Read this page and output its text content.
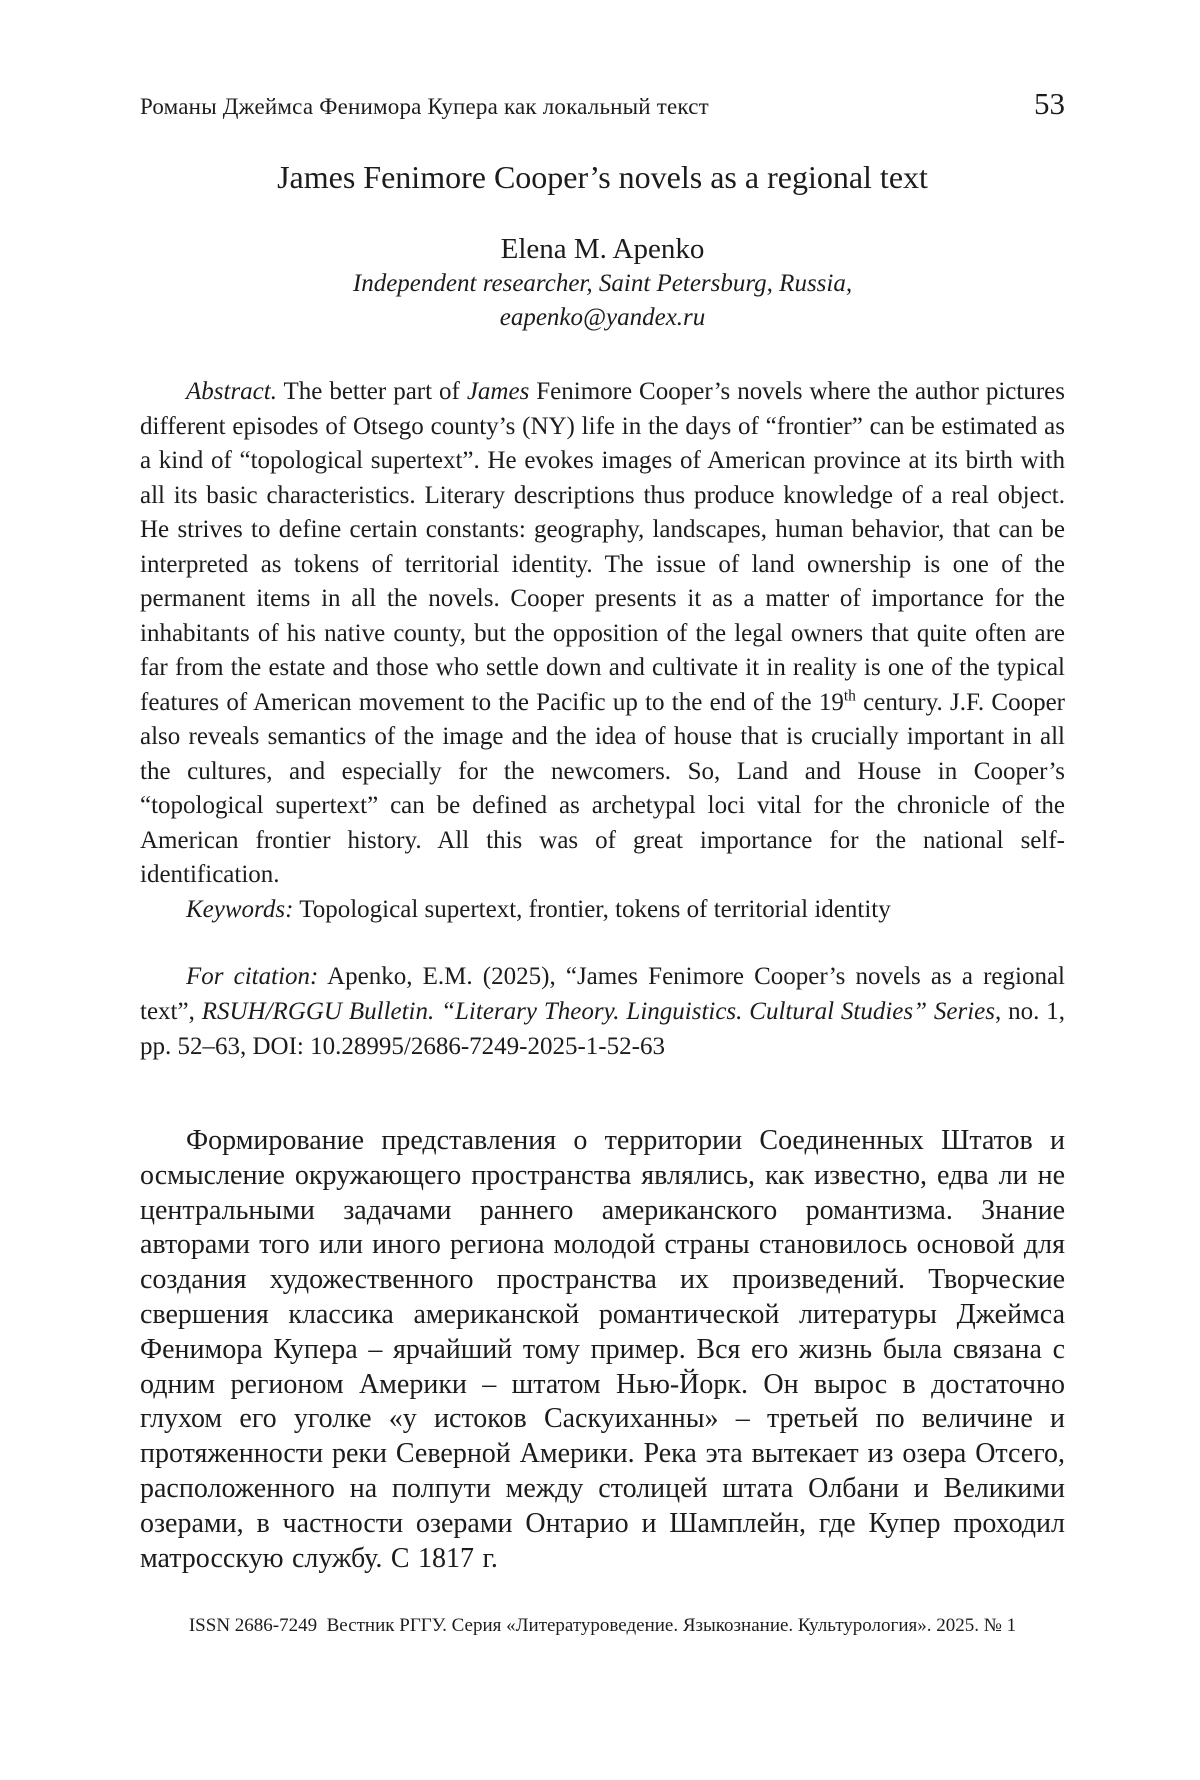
Романы Джеймса Фенимора Купера как локальный текст	53
James Fenimore Cooper’s novels as a regional text
Elena M. Apenko
Independent researcher, Saint Petersburg, Russia,
eapenko@yandex.ru

Abstract. The better part of James Fenimore Cooper’s novels where the author pictures different episodes of Otsego county’s (NY) life in the days of “frontier” can be estimated as a kind of “topological supertext”. He evokes images of American province at its birth with all its basic characteristics. Literary descriptions thus produce knowledge of a real object. He strives to define certain constants: geography, landscapes, human behavior, that can be interpreted as tokens of territorial identity. The issue of land ownership is one of the permanent items in all the novels. Cooper presents it as a matter of importance for the inhabitants of his native county, but the opposition of the legal owners that quite often are far from the estate and those who settle down and cultivate it in reality is one of the typical features of American movement to the Pacific up to the end of the 19th century. J.F. Cooper also reveals semantics of the image and the idea of house that is crucially important in all the cultures, and especially for the newcomers. So, Land and House in Cooper’s “topological supertext” can be defined as archetypal loci vital for the chronicle of the American frontier history. All this was of great importance for the national self-identification.

Keywords: Topological supertext, frontier, tokens of territorial identity

For citation: Apenko, E.M. (2025), “James Fenimore Cooper’s novels as a regional text”, RSUH/RGGU Bulletin. “Literary Theory. Linguistics. Cultural Studies” Series, no. 1, pp. 52–63, DOI: 10.28995/2686-7249-2025-1-52-63

Формирование представления о территории Соединенных Штатов и осмысление окружающего пространства являлись, как известно, едва ли не центральными задачами раннего американского романтизма. Знание авторами того или иного региона молодой страны становилось основой для создания художественного пространства их произведений. Творческие свершения классика американской романтической литературы Джеймса Фенимора Купера – ярчайший тому пример. Вся его жизнь была связана с одним регионом Америки – штатом Нью-Йорк. Он вырос в достаточно глухом его уголке «у истоков Саскуиханны» – третьей по величине и протяженности реки Северной Америки. Река эта вытекает из озера Отсего, расположенного на полпути между столицей штата Олбани и Великими озерами, в частности озерами Онтарио и Шамплейн, где Купер проходил матросскую службу. С 1817 г.

ISSN 2686-7249 Вестник РГГУ. Серия «Литературоведение. Языкознание. Культурология». 2025. № 1
